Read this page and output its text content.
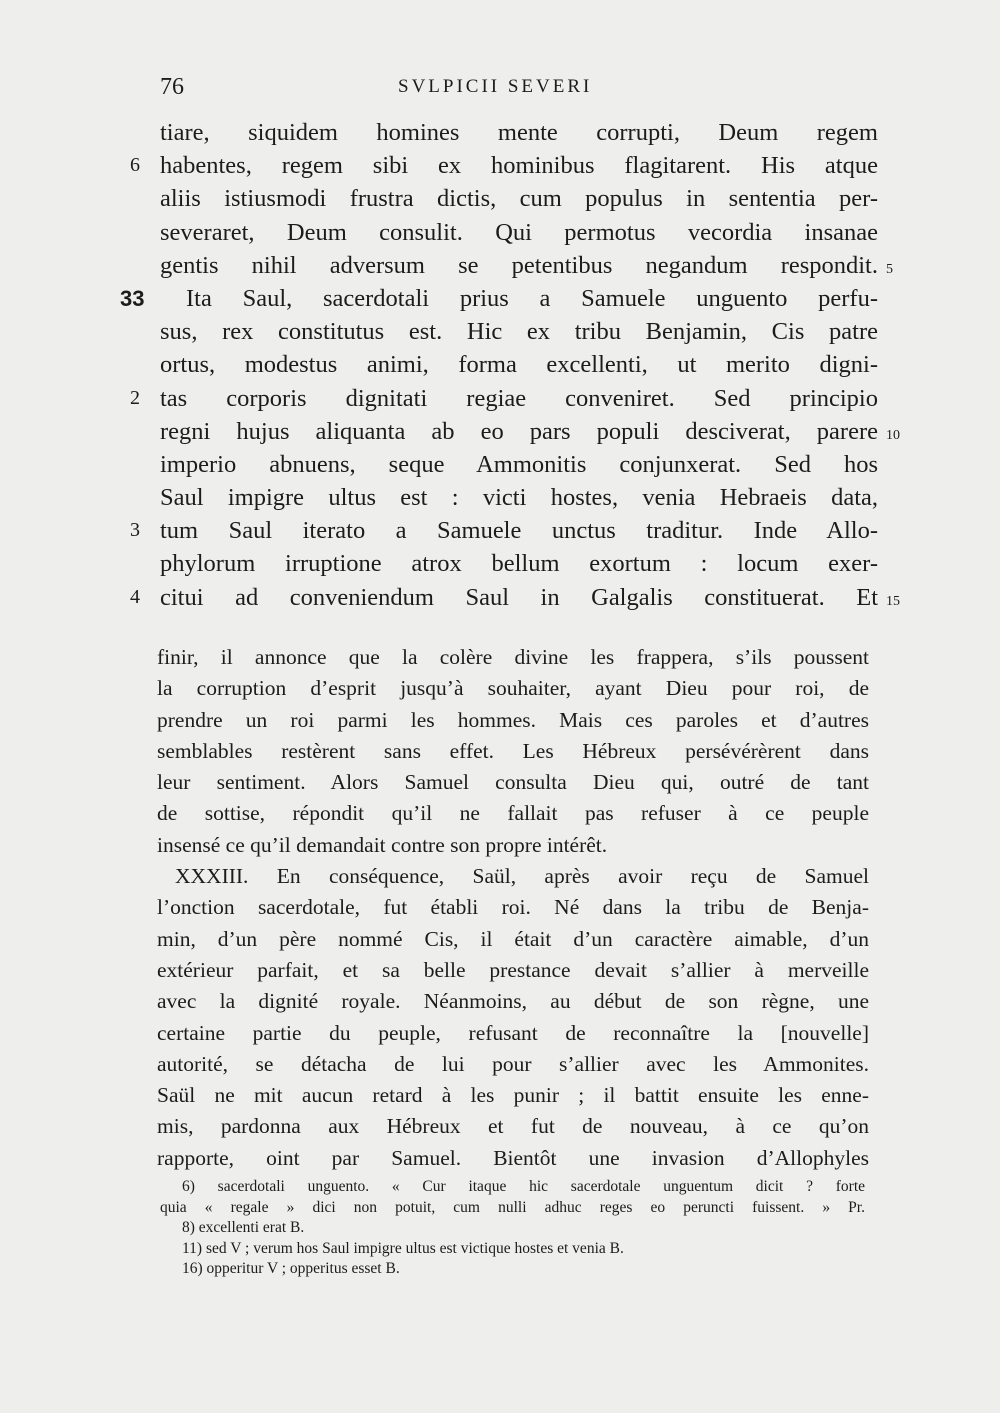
76	SVLPICII SEVERI
tiare, siquidem homines mente corrupti, Deum regem
6 habentes, regem sibi ex hominibus flagitarent. His atque
aliis istiusmodi frustra dictis, cum populus in sententia per-
severaret, Deum consulit. Qui permotus vecordia insanae
gentis nihil adversum se petentibus negandum respondit. 5
33 Ita Saul, sacerdotali prius a Samuele unguento perfu-
sus, rex constitutus est. Hic ex tribu Benjamin, Cis patre
ortus, modestus animi, forma excellenti, ut merito digni-
2 tas corporis dignitati regiae conveniret. Sed principio
regni hujus aliquanta ab eo pars populi desciverat, parere 10
imperio abnuens, seque Ammonitis conjunxerat. Sed hos
Saul impigre ultus est : victi hostes, venia Hebraeis data,
3 tum Saul iterato a Samuele unctus traditur. Inde Allo-
phylorum irruptione atrox bellum exortum : locum exer-
4 citui ad conveniendum Saul in Galgalis constituerat. Et 15
finir, il annonce que la colère divine les frappera, s’ils poussent
la corruption d’esprit jusqu’à souhaiter, ayant Dieu pour roi, de
prendre un roi parmi les hommes. Mais ces paroles et d’autres
semblables restèrent sans effet. Les Hébreux persévérèrent dans
leur sentiment. Alors Samuel consulta Dieu qui, outré de tant
de sottise, répondit qu’il ne fallait pas refuser à ce peuple
insensé ce qu’il demandait contre son propre intérêt.
XXXIII. En conséquence, Saül, après avoir reçu de Samuel
l’onction sacerdotale, fut établi roi. Né dans la tribu de Benja-
min, d’un père nommé Cis, il était d’un caractère aimable, d’un
extérieur parfait, et sa belle prestance devait s’allier à merveille
avec la dignité royale. Néanmoins, au début de son règne, une
certaine partie du peuple, refusant de reconnaître la [nouvelle]
autorité, se détacha de lui pour s’allier avec les Ammonites.
Saül ne mit aucun retard à les punir ; il battit ensuite les enne-
mis, pardonna aux Hébreux et fut de nouveau, à ce qu’on
rapporte, oint par Samuel. Bientôt une invasion d’Allophyles
6) sacerdotali unguento. « Cur itaque hic sacerdotale unguentum dicit ? forte
quia « regale » dici non potuit, cum nulli adhuc reges eo perunctі fuissent. » Pr.
8) excellenti erat B.
11) sed V ; verum hos Saul impigre ultus est victique hostes et venia B.
16) opperitur V ; opperitus esset B.
